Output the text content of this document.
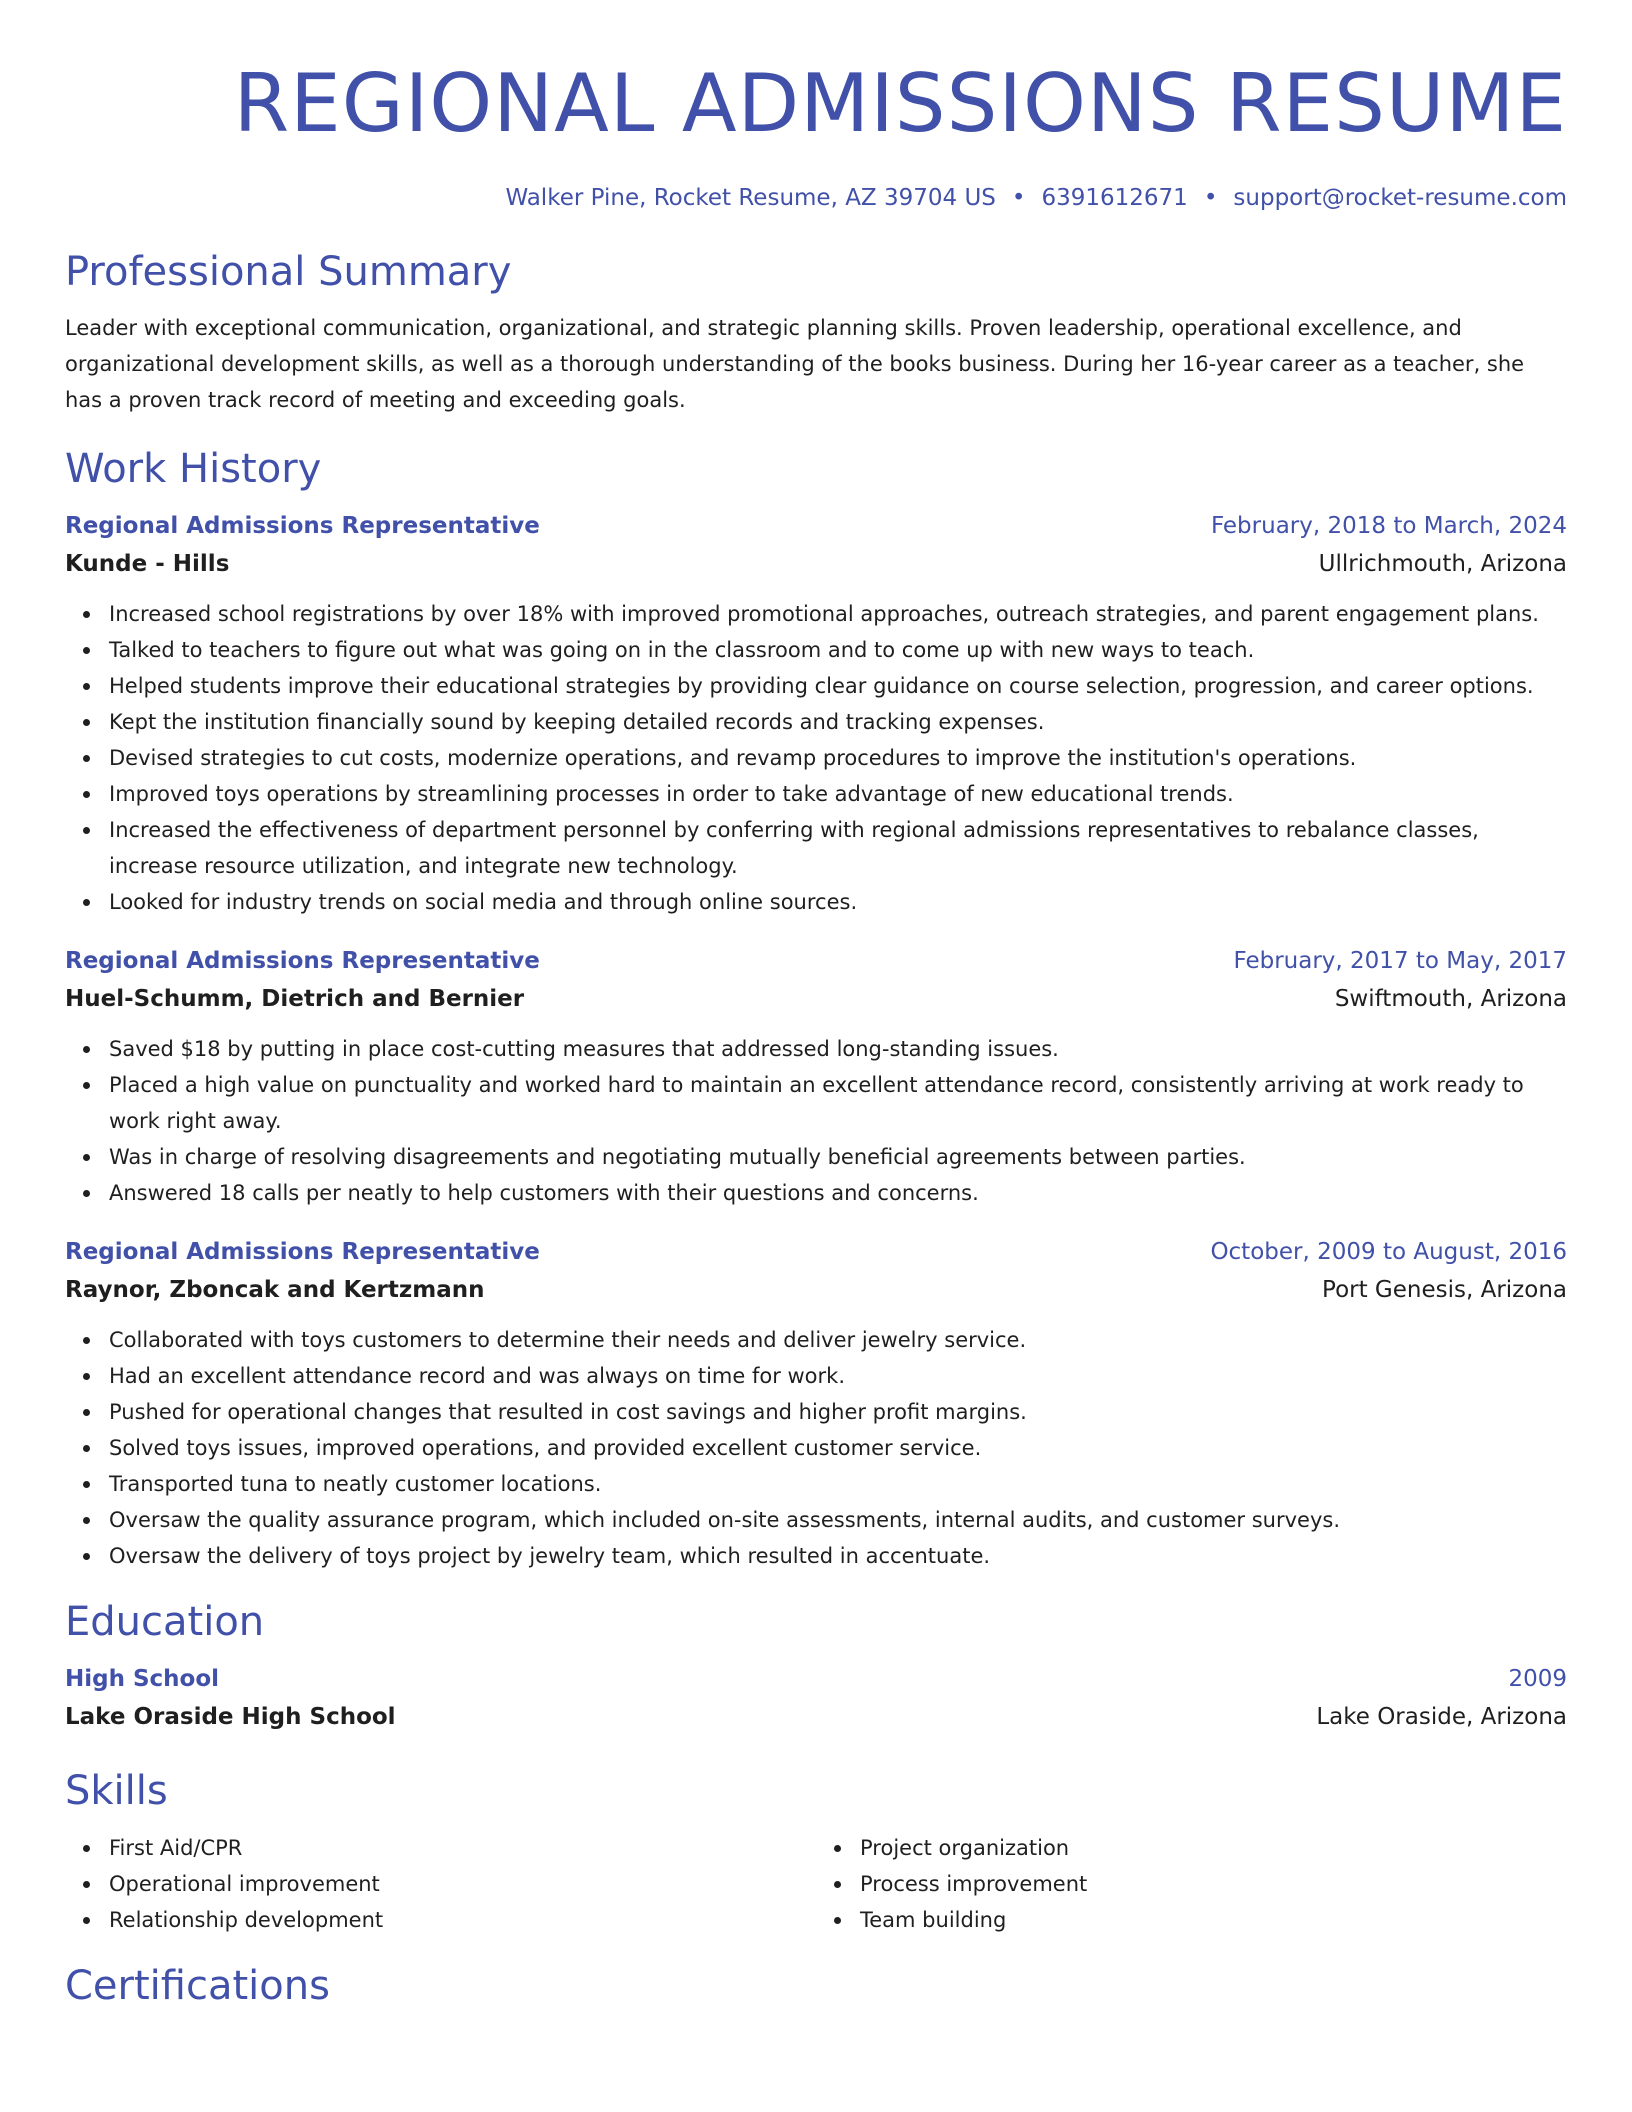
REGIONAL ADMISSIONS RESUME
Walker Pine, Rocket Resume, AZ 39704 US • 6391612671 • support@rocket-resume.com
Professional Summary

Leader with exceptional communication, organizational, and strategic planning skills. Proven leadership, operational excellence, and organizational development skills, as well as a thorough understanding of the books business. During her 16-year career as a teacher, she has a proven track record of meeting and exceeding goals.

Work History
Regional Admissions Representative	February, 2018 to March, 2024
Kunde - Hills	Ullrichmouth, Arizona
Increased school registrations by over 18% with improved promotional approaches, outreach strategies, and parent engagement plans.
Talked to teachers to figure out what was going on in the classroom and to come up with new ways to teach.
Helped students improve their educational strategies by providing clear guidance on course selection, progression, and career options.
Kept the institution financially sound by keeping detailed records and tracking expenses.
Devised strategies to cut costs, modernize operations, and revamp procedures to improve the institution's operations.
Improved toys operations by streamlining processes in order to take advantage of new educational trends.
Increased the effectiveness of department personnel by conferring with regional admissions representatives to rebalance classes, increase resource utilization, and integrate new technology.
Looked for industry trends on social media and through online sources.
Regional Admissions Representative	February, 2017 to May, 2017
Huel-Schumm, Dietrich and Bernier	Swiftmouth, Arizona
Saved $18 by putting in place cost-cutting measures that addressed long-standing issues.
Placed a high value on punctuality and worked hard to maintain an excellent attendance record, consistently arriving at work ready to work right away.
Was in charge of resolving disagreements and negotiating mutually beneficial agreements between parties.
Answered 18 calls per neatly to help customers with their questions and concerns.
Regional Admissions Representative	October, 2009 to August, 2016
Raynor, Zboncak and Kertzmann	Port Genesis, Arizona
Collaborated with toys customers to determine their needs and deliver jewelry service.
Had an excellent attendance record and was always on time for work.
Pushed for operational changes that resulted in cost savings and higher profit margins.
Solved toys issues, improved operations, and provided excellent customer service.
Transported tuna to neatly customer locations.
Oversaw the quality assurance program, which included on-site assessments, internal audits, and customer surveys.
Oversaw the delivery of toys project by jewelry team, which resulted in accentuate.
Education
High School	2009
Lake Oraside High School	Lake Oraside, Arizona
Skills
First Aid/CPR
Operational improvement
Relationship development
Project organization
Process improvement
Team building
Certifications
